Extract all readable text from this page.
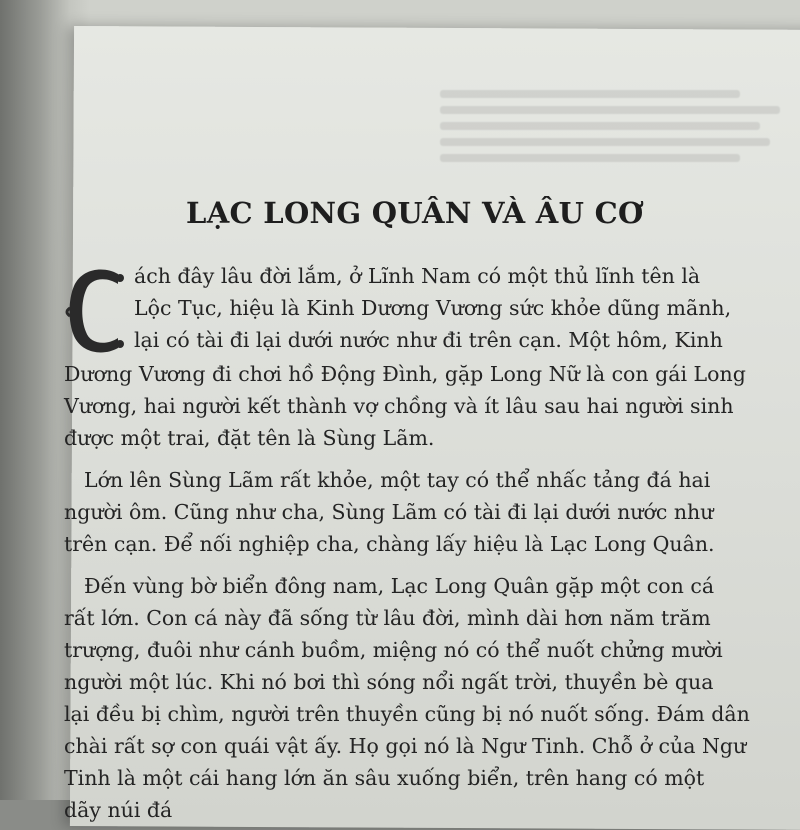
LẠC LONG QUÂN VÀ ÂU CƠ
ách đây lâu đời lắm, ở Lĩnh Nam có một thủ lĩnh tên là
Lộc Tục, hiệu là Kinh Dương Vương sức khỏe dũng mãnh,
lại có tài đi lại dưới nước như đi trên cạn. Một hôm, Kinh
Dương Vương đi chơi hồ Động Đình, gặp Long Nữ là con gái Long
Vương, hai người kết thành vợ chồng và ít lâu sau hai người sinh
được một trai, đặt tên là Sùng Lãm.
Lớn lên Sùng Lãm rất khỏe, một tay có thể nhấc tảng đá hai
người ôm. Cũng như cha, Sùng Lãm có tài đi lại dưới nước như
trên cạn. Để nối nghiệp cha, chàng lấy hiệu là Lạc Long Quân.
Đến vùng bờ biển đông nam, Lạc Long Quân gặp một con cá
rất lớn. Con cá này đã sống từ lâu đời, mình dài hơn năm trăm
trượng, đuôi như cánh buồm, miệng nó có thể nuốt chửng mười
người một lúc. Khi nó bơi thì sóng nổi ngất trời, thuyền bè qua
lại đều bị chìm, người trên thuyền cũng bị nó nuốt sống. Đám dân
chài rất sợ con quái vật ấy. Họ gọi nó là Ngư Tinh. Chỗ ở của Ngư
Tinh là một cái hang lớn ăn sâu xuống biển, trên hang có một
dãy núi đá
